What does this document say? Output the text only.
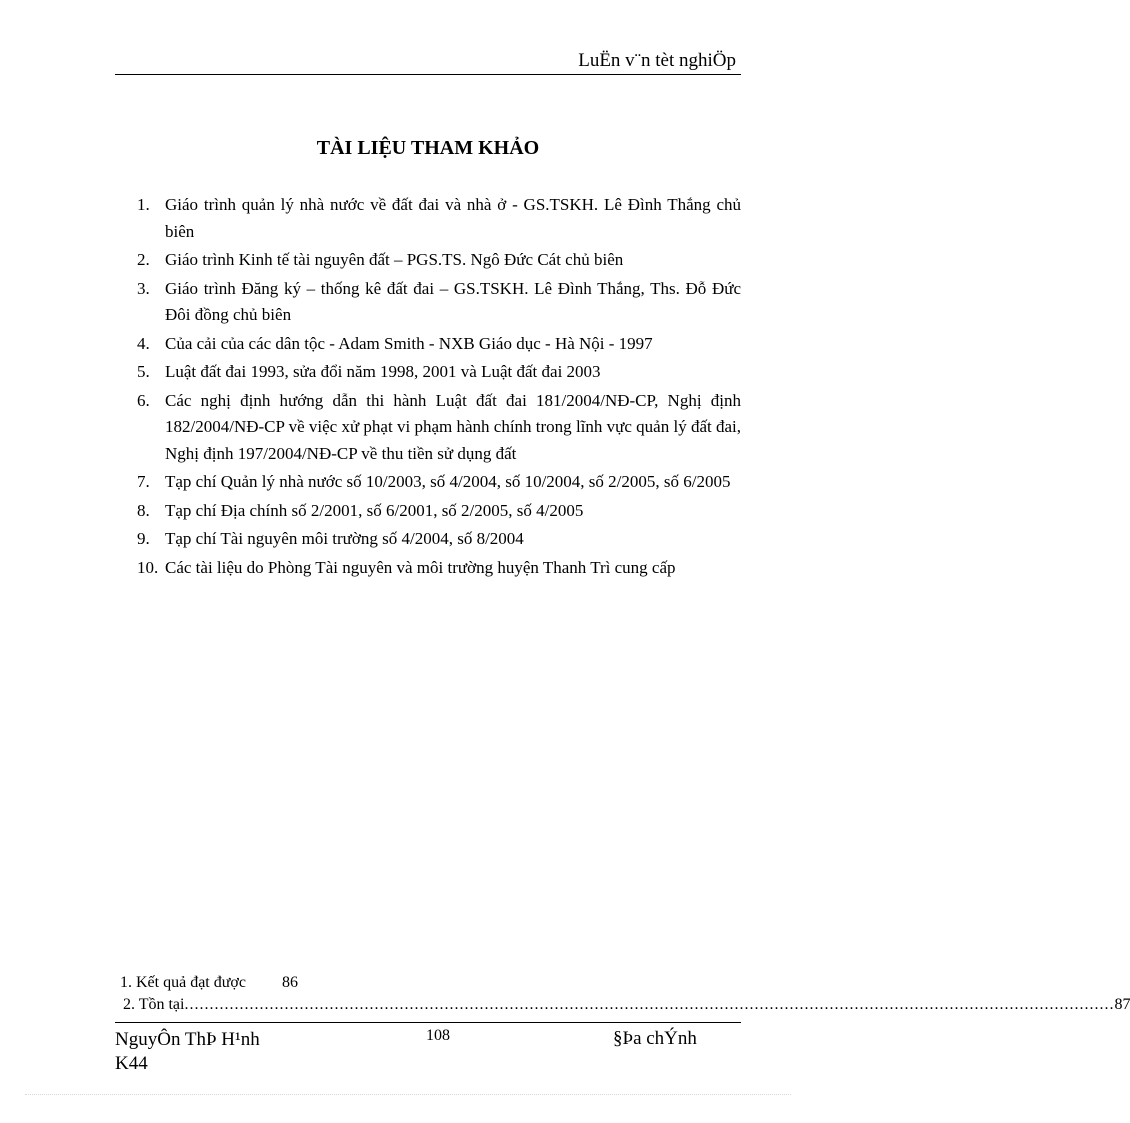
LuËn v¨n tèt nghiÖp
TÀI LIỆU THAM KHẢO
1. Giáo trình quản lý nhà nước về đất đai và nhà ở - GS.TSKH. Lê Đình Thắng chủ biên
2. Giáo trình Kinh tế tài nguyên đất – PGS.TS. Ngô Đức Cát chủ biên
3. Giáo trình Đăng ký – thống kê đất đai – GS.TSKH. Lê Đình Thắng, Ths. Đỗ Đức Đôi đồng chủ biên
4. Của cải của các dân tộc - Adam Smith - NXB Giáo dục - Hà Nội - 1997
5. Luật đất đai 1993, sửa đổi năm 1998, 2001 và Luật đất đai 2003
6. Các nghị định hướng dẫn thi hành Luật đất đai 181/2004/NĐ-CP, Nghị định 182/2004/NĐ-CP về việc xử phạt vi phạm hành chính trong lĩnh vực quản lý đất đai, Nghị định 197/2004/NĐ-CP về thu tiền sử dụng đất
7. Tạp chí Quản lý nhà nước số 10/2003, số 4/2004, số 10/2004, số 2/2005, số 6/2005
8. Tạp chí Địa chính số 2/2001, số 6/2001, số 2/2005, số 4/2005
9. Tạp chí Tài nguyên môi trường số 4/2004, số 8/2004
10. Các tài liệu do Phòng Tài nguyên và môi trường huyện Thanh Trì cung cấp
1. Kết quả đạt được 86
2. Tồn tại .......................................................................................................................................................................................... 87
NguyÔn ThÞ H¹nh
K44
108	§Þa chÝnh
